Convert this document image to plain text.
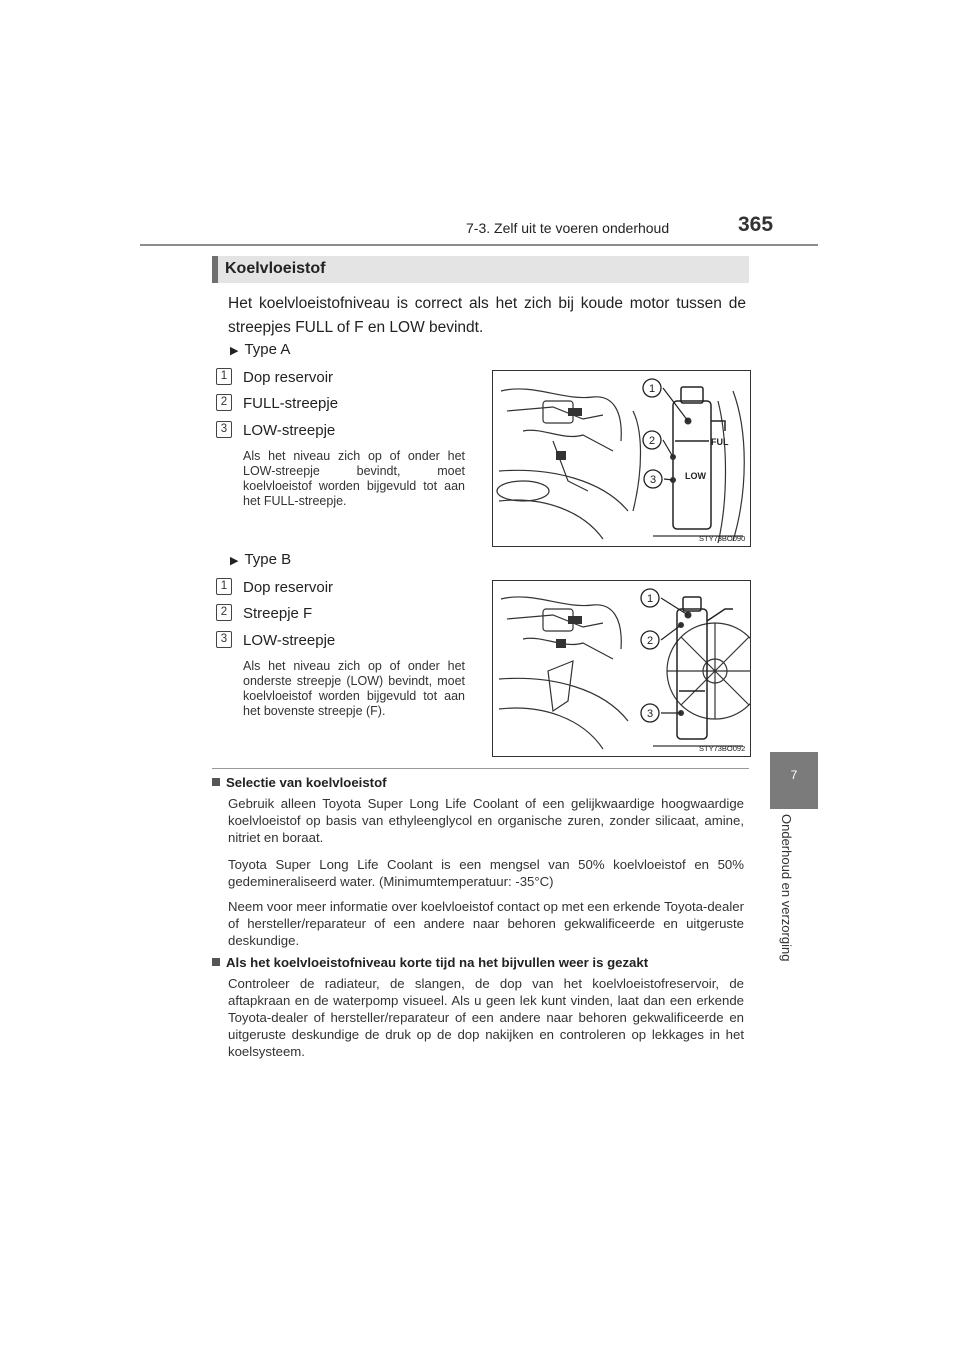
7-3. Zelf uit te voeren onderhoud	365
7
Onderhoud en verzorging
Koelvloeistof
Het koelvloeistofniveau is correct als het zich bij koude motor tussen de streepjes FULL of F en LOW bevindt.
▶ Type A
1	Dop reservoir
2	FULL-streepje
3	LOW-streepje
Als het niveau zich op of onder het LOW-streepje bevindt, moet koelvloeistof worden bijgevuld tot aan het FULL-streepje.
FUL
LOW
1
2
3
STY73BO090
▶ Type B
1	Dop reservoir
2	Streepje F
3	LOW-streepje
Als het niveau zich op of onder het onderste streepje (LOW) bevindt, moet koelvloeistof worden bijgevuld tot aan het bovenste streepje (F).
1
2
3
STY73BO092
Selectie van koelvloeistof
Gebruik alleen Toyota Super Long Life Coolant of een gelijkwaardige hoogwaardige koelvloeistof op basis van ethyleenglycol en organische zuren, zonder silicaat, amine, nitriet en boraat.
Toyota Super Long Life Coolant is een mengsel van 50% koelvloeistof en 50% gedemineraliseerd water. (Minimumtemperatuur: -35°C)
Neem voor meer informatie over koelvloeistof contact op met een erkende Toyota-dealer of hersteller/reparateur of een andere naar behoren gekwalificeerde en uitgeruste deskundige.
Als het koelvloeistofniveau korte tijd na het bijvullen weer is gezakt
Controleer de radiateur, de slangen, de dop van het koelvloeistofreservoir, de aftapkraan en de waterpomp visueel. Als u geen lek kunt vinden, laat dan een erkende Toyota-dealer of hersteller/reparateur of een andere naar behoren gekwalificeerde en uitgeruste deskundige de druk op de dop nakijken en controleren op lekkages in het koelsysteem.
